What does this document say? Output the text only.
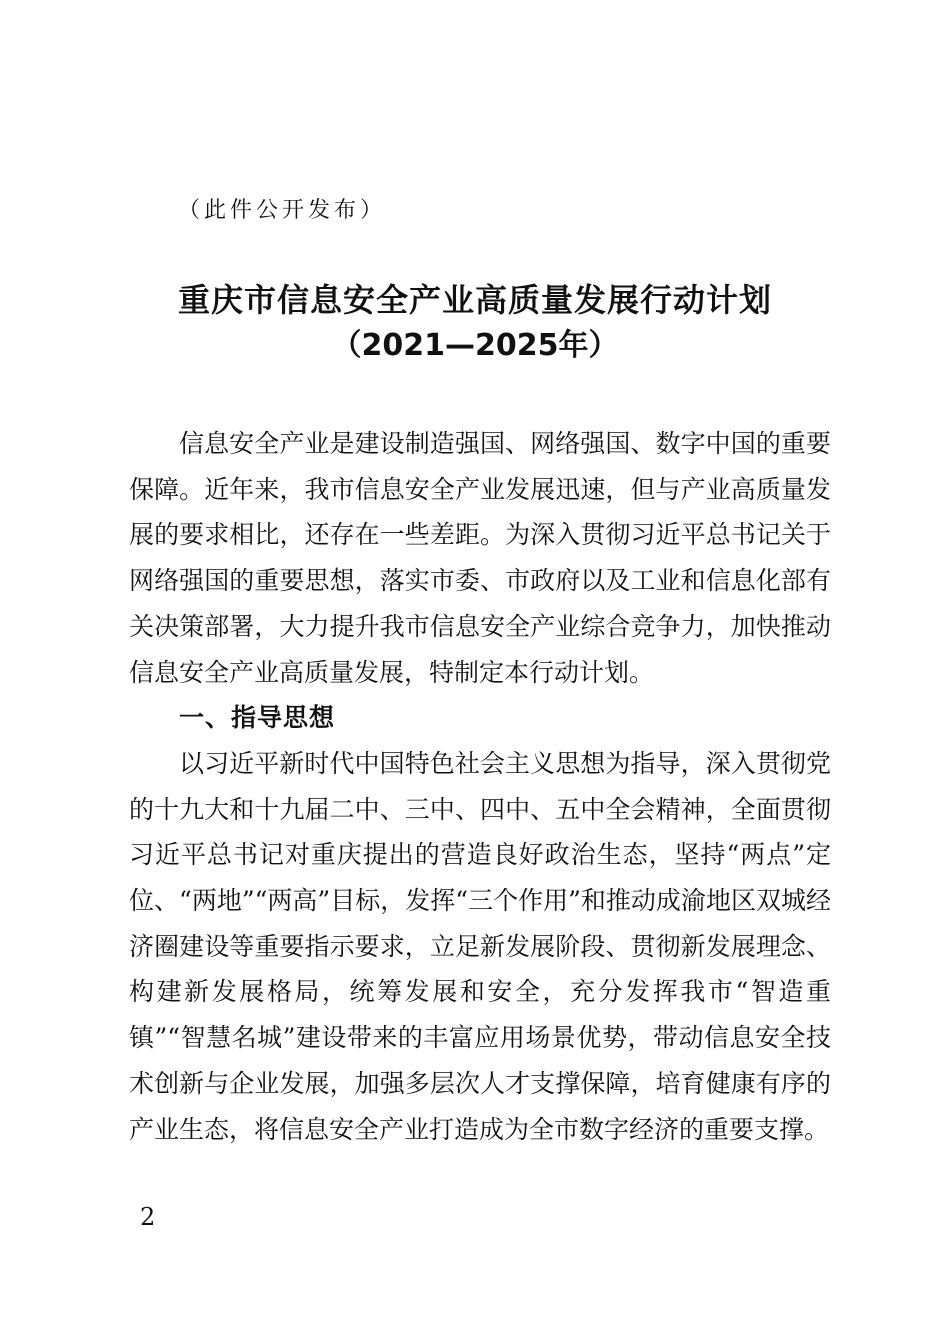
（此件公开发布）
重庆市信息安全产业高质量发展行动计划
（2021—2025年）

信息安全产业是建设制造强国、网络强国、数字中国的重要保障。近年来，我市信息安全产业发展迅速，但与产业高质量发展的要求相比，还存在一些差距。为深入贯彻习近平总书记关于网络强国的重要思想，落实市委、市政府以及工业和信息化部有关决策部署，大力提升我市信息安全产业综合竞争力，加快推动信息安全产业高质量发展，特制定本行动计划。

一、指导思想

以习近平新时代中国特色社会主义思想为指导，深入贯彻党的十九大和十九届二中、三中、四中、五中全会精神，全面贯彻习近平总书记对重庆提出的营造良好政治生态，坚持“两点”定位、“两地”“两高”目标，发挥“三个作用”和推动成渝地区双城经济圈建设等重要指示要求，立足新发展阶段、贯彻新发展理念、构建新发展格局，统筹发展和安全，充分发挥我市“智造重镇”“智慧名城”建设带来的丰富应用场景优势，带动信息安全技术创新与企业发展，加强多层次人才支撑保障，培育健康有序的产业生态，将信息安全产业打造成为全市数字经济的重要支撑。

2
